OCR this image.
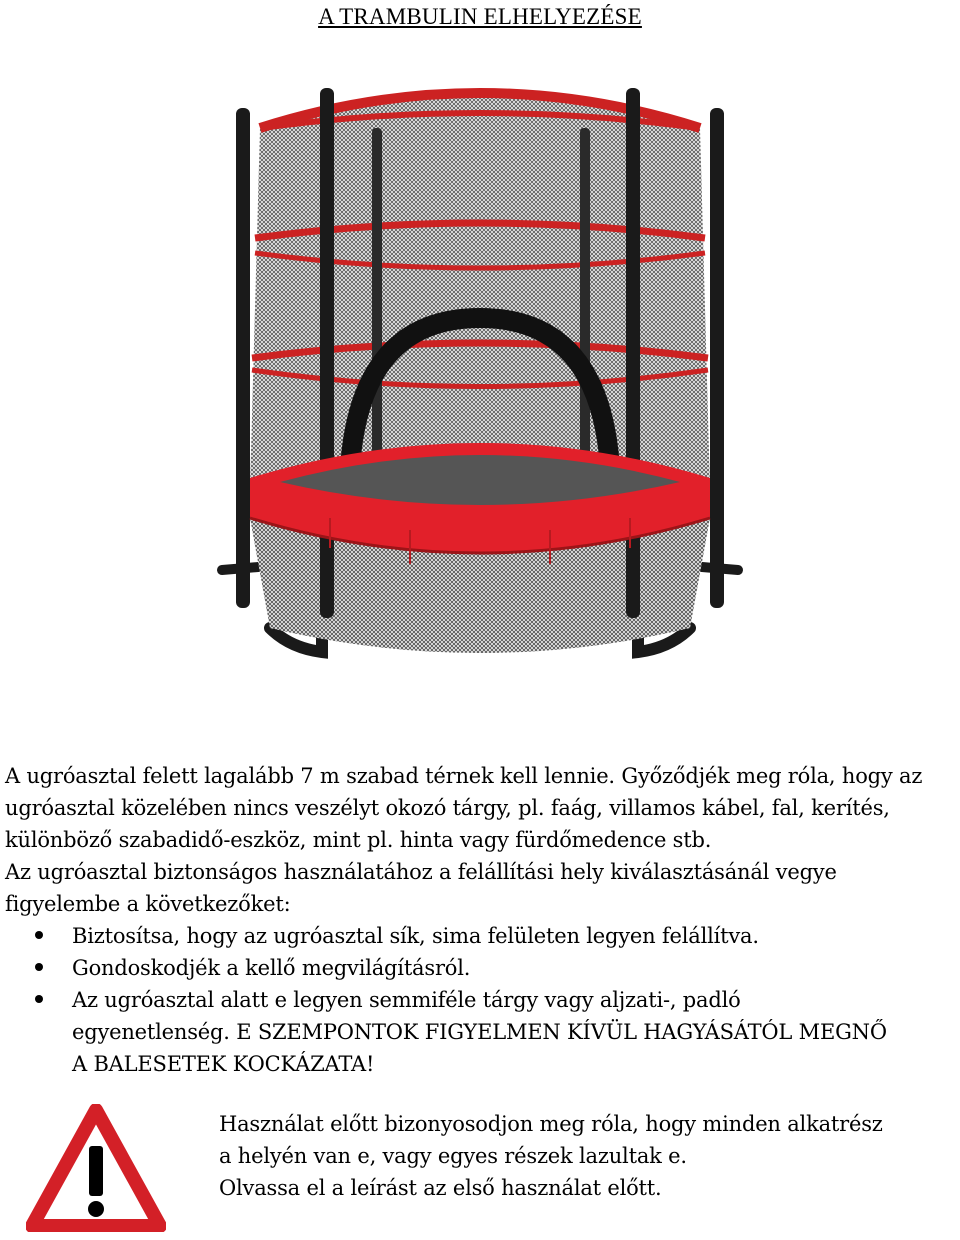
A TRAMBULIN ELHELYEZÉSE

A ugróasztal felett lagalább 7 m szabad térnek kell lennie. Győződjék meg róla, hogy az

ugróasztal közelében nincs veszélyt okozó tárgy, pl. faág, villamos kábel, fal, kerítés,

különböző szabadidő-eszköz, mint pl. hinta vagy fürdőmedence stb.

Az ugróasztal biztonságos használatához a felállítási hely kiválasztásánál vegye

figyelembe a következőket:

Biztosítsa, hogy az ugróasztal sík, sima felületen legyen felállítva.
Gondoskodjék a kellő megvilágításról.
Az ugróasztal alatt e legyen semmiféle tárgy vagy aljzati-, padló egyenetlenség. E SZEMPONTOK FIGYELMEN KÍVÜL HAGYÁSÁTÓL MEGNŐ A BALESETEK KOCKÁZATA!

Használat előtt bizonyosodjon meg róla, hogy minden alkatrész

a helyén van e, vagy egyes részek lazultak e.

Olvassa el a leírást az első használat előtt.
